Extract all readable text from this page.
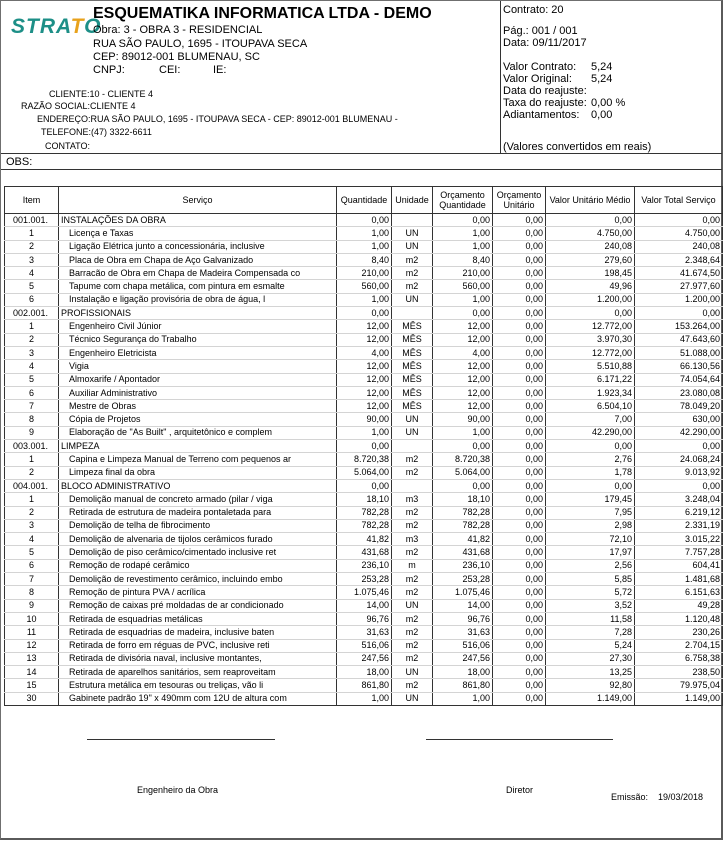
STRATO
ESQUEMATIKA INFORMATICA LTDA - DEMO
Obra: 3 - OBRA 3 - RESIDENCIAL
RUA SÃO PAULO, 1695 - ITOUPAVA SECA
CEP: 89012-001 BLUMENAU, SC
CNPJ:	CEI:	IE:
CLIENTE:10 - CLIENTE 4
RAZÃO SOCIAL:CLIENTE 4
ENDEREÇO:RUA SÃO PAULO, 1695 - ITOUPAVA SECA - CEP: 89012-001 BLUMENAU -
TELEFONE:(47) 3322-6611
CONTATO:
Contrato: 20
Pág.: 001 / 001
Data: 09/11/2017
Valor Contrato: 5,24
Valor Original: 5,24
Data do reajuste:
Taxa do reajuste: 0,00 %
Adiantamentos: 0,00
(Valores convertidos em reais)
OBS:
Item	Serviço	Quantidade	Unidade	Orçamento Quantidade	Orçamento Unitário	Valor Unitário Médio	Valor Total Serviço
001.001.	INSTALAÇÕES DA OBRA	0,00		0,00	0,00	0,00	0,00
1	Licença e Taxas	1,00	UN	1,00	0,00	4.750,00	4.750,00
2	Ligação Elétrica junto a concessionária, inclusive	1,00	UN	1,00	0,00	240,08	240,08
3	Placa de Obra em Chapa de Aço Galvanizado	8,40	m2	8,40	0,00	279,60	2.348,64
4	Barracão de Obra em Chapa de Madeira Compensada co	210,00	m2	210,00	0,00	198,45	41.674,50
5	Tapume com chapa metálica, com pintura em esmalte	560,00	m2	560,00	0,00	49,96	27.977,60
6	Instalação e ligação provisória de obra de água, l	1,00	UN	1,00	0,00	1.200,00	1.200,00
002.001.	PROFISSIONAIS	0,00		0,00	0,00	0,00	0,00
1	Engenheiro Civil Júnior	12,00	MÊS	12,00	0,00	12.772,00	153.264,00
2	Técnico Segurança do Trabalho	12,00	MÊS	12,00	0,00	3.970,30	47.643,60
3	Engenheiro Eletricista	4,00	MÊS	4,00	0,00	12.772,00	51.088,00
4	Vigia	12,00	MÊS	12,00	0,00	5.510,88	66.130,56
5	Almoxarife / Apontador	12,00	MÊS	12,00	0,00	6.171,22	74.054,64
6	Auxiliar Administrativo	12,00	MÊS	12,00	0,00	1.923,34	23.080,08
7	Mestre de Obras	12,00	MÊS	12,00	0,00	6.504,10	78.049,20
8	Cópia de Projetos	90,00	UN	90,00	0,00	7,00	630,00
9	Elaboração de "As Built" , arquitetônico e complem	1,00	UN	1,00	0,00	42.290,00	42.290,00
003.001.	LIMPEZA	0,00		0,00	0,00	0,00	0,00
1	Capina e Limpeza Manual de Terreno com pequenos ar	8.720,38	m2	8.720,38	0,00	2,76	24.068,24
2	Limpeza final da obra	5.064,00	m2	5.064,00	0,00	1,78	9.013,92
004.001.	BLOCO ADMINISTRATIVO	0,00		0,00	0,00	0,00	0,00
1	Demolição manual de concreto armado (pilar / viga	18,10	m3	18,10	0,00	179,45	3.248,04
2	Retirada de estrutura de madeira pontaletada para	782,28	m2	782,28	0,00	7,95	6.219,12
3	Demolição de telha de fibrocimento	782,28	m2	782,28	0,00	2,98	2.331,19
4	Demolição de alvenaria de tijolos cerâmicos furado	41,82	m3	41,82	0,00	72,10	3.015,22
5	Demolição de piso cerâmico/cimentado inclusive ret	431,68	m2	431,68	0,00	17,97	7.757,28
6	Remoção de rodapé cerâmico	236,10	m	236,10	0,00	2,56	604,41
7	Demolição de revestimento cerâmico, incluindo embo	253,28	m2	253,28	0,00	5,85	1.481,68
8	Remoção de pintura PVA / acrílica	1.075,46	m2	1.075,46	0,00	5,72	6.151,63
9	Remoção de caixas pré moldadas de ar condicionado	14,00	UN	14,00	0,00	3,52	49,28
10	Retirada de esquadrias metálicas	96,76	m2	96,76	0,00	11,58	1.120,48
11	Retirada de esquadrias de madeira, inclusive baten	31,63	m2	31,63	0,00	7,28	230,26
12	Retirada de forro em réguas de PVC, inclusive reti	516,06	m2	516,06	0,00	5,24	2.704,15
13	Retirada de divisória naval, inclusive montantes,	247,56	m2	247,56	0,00	27,30	6.758,38
14	Retirada de aparelhos sanitários, sem reaproveitam	18,00	UN	18,00	0,00	13,25	238,50
15	Estrutura metálica em tesouras ou treliças, vão li	861,80	m2	861,80	0,00	92,80	79.975,04
30	Gabinete padrão 19" x 490mm com 12U de altura com	1,00	UN	1,00	0,00	1.149,00	1.149,00
Emissão: 19/03/2018
Engenheiro da Obra	Diretor
